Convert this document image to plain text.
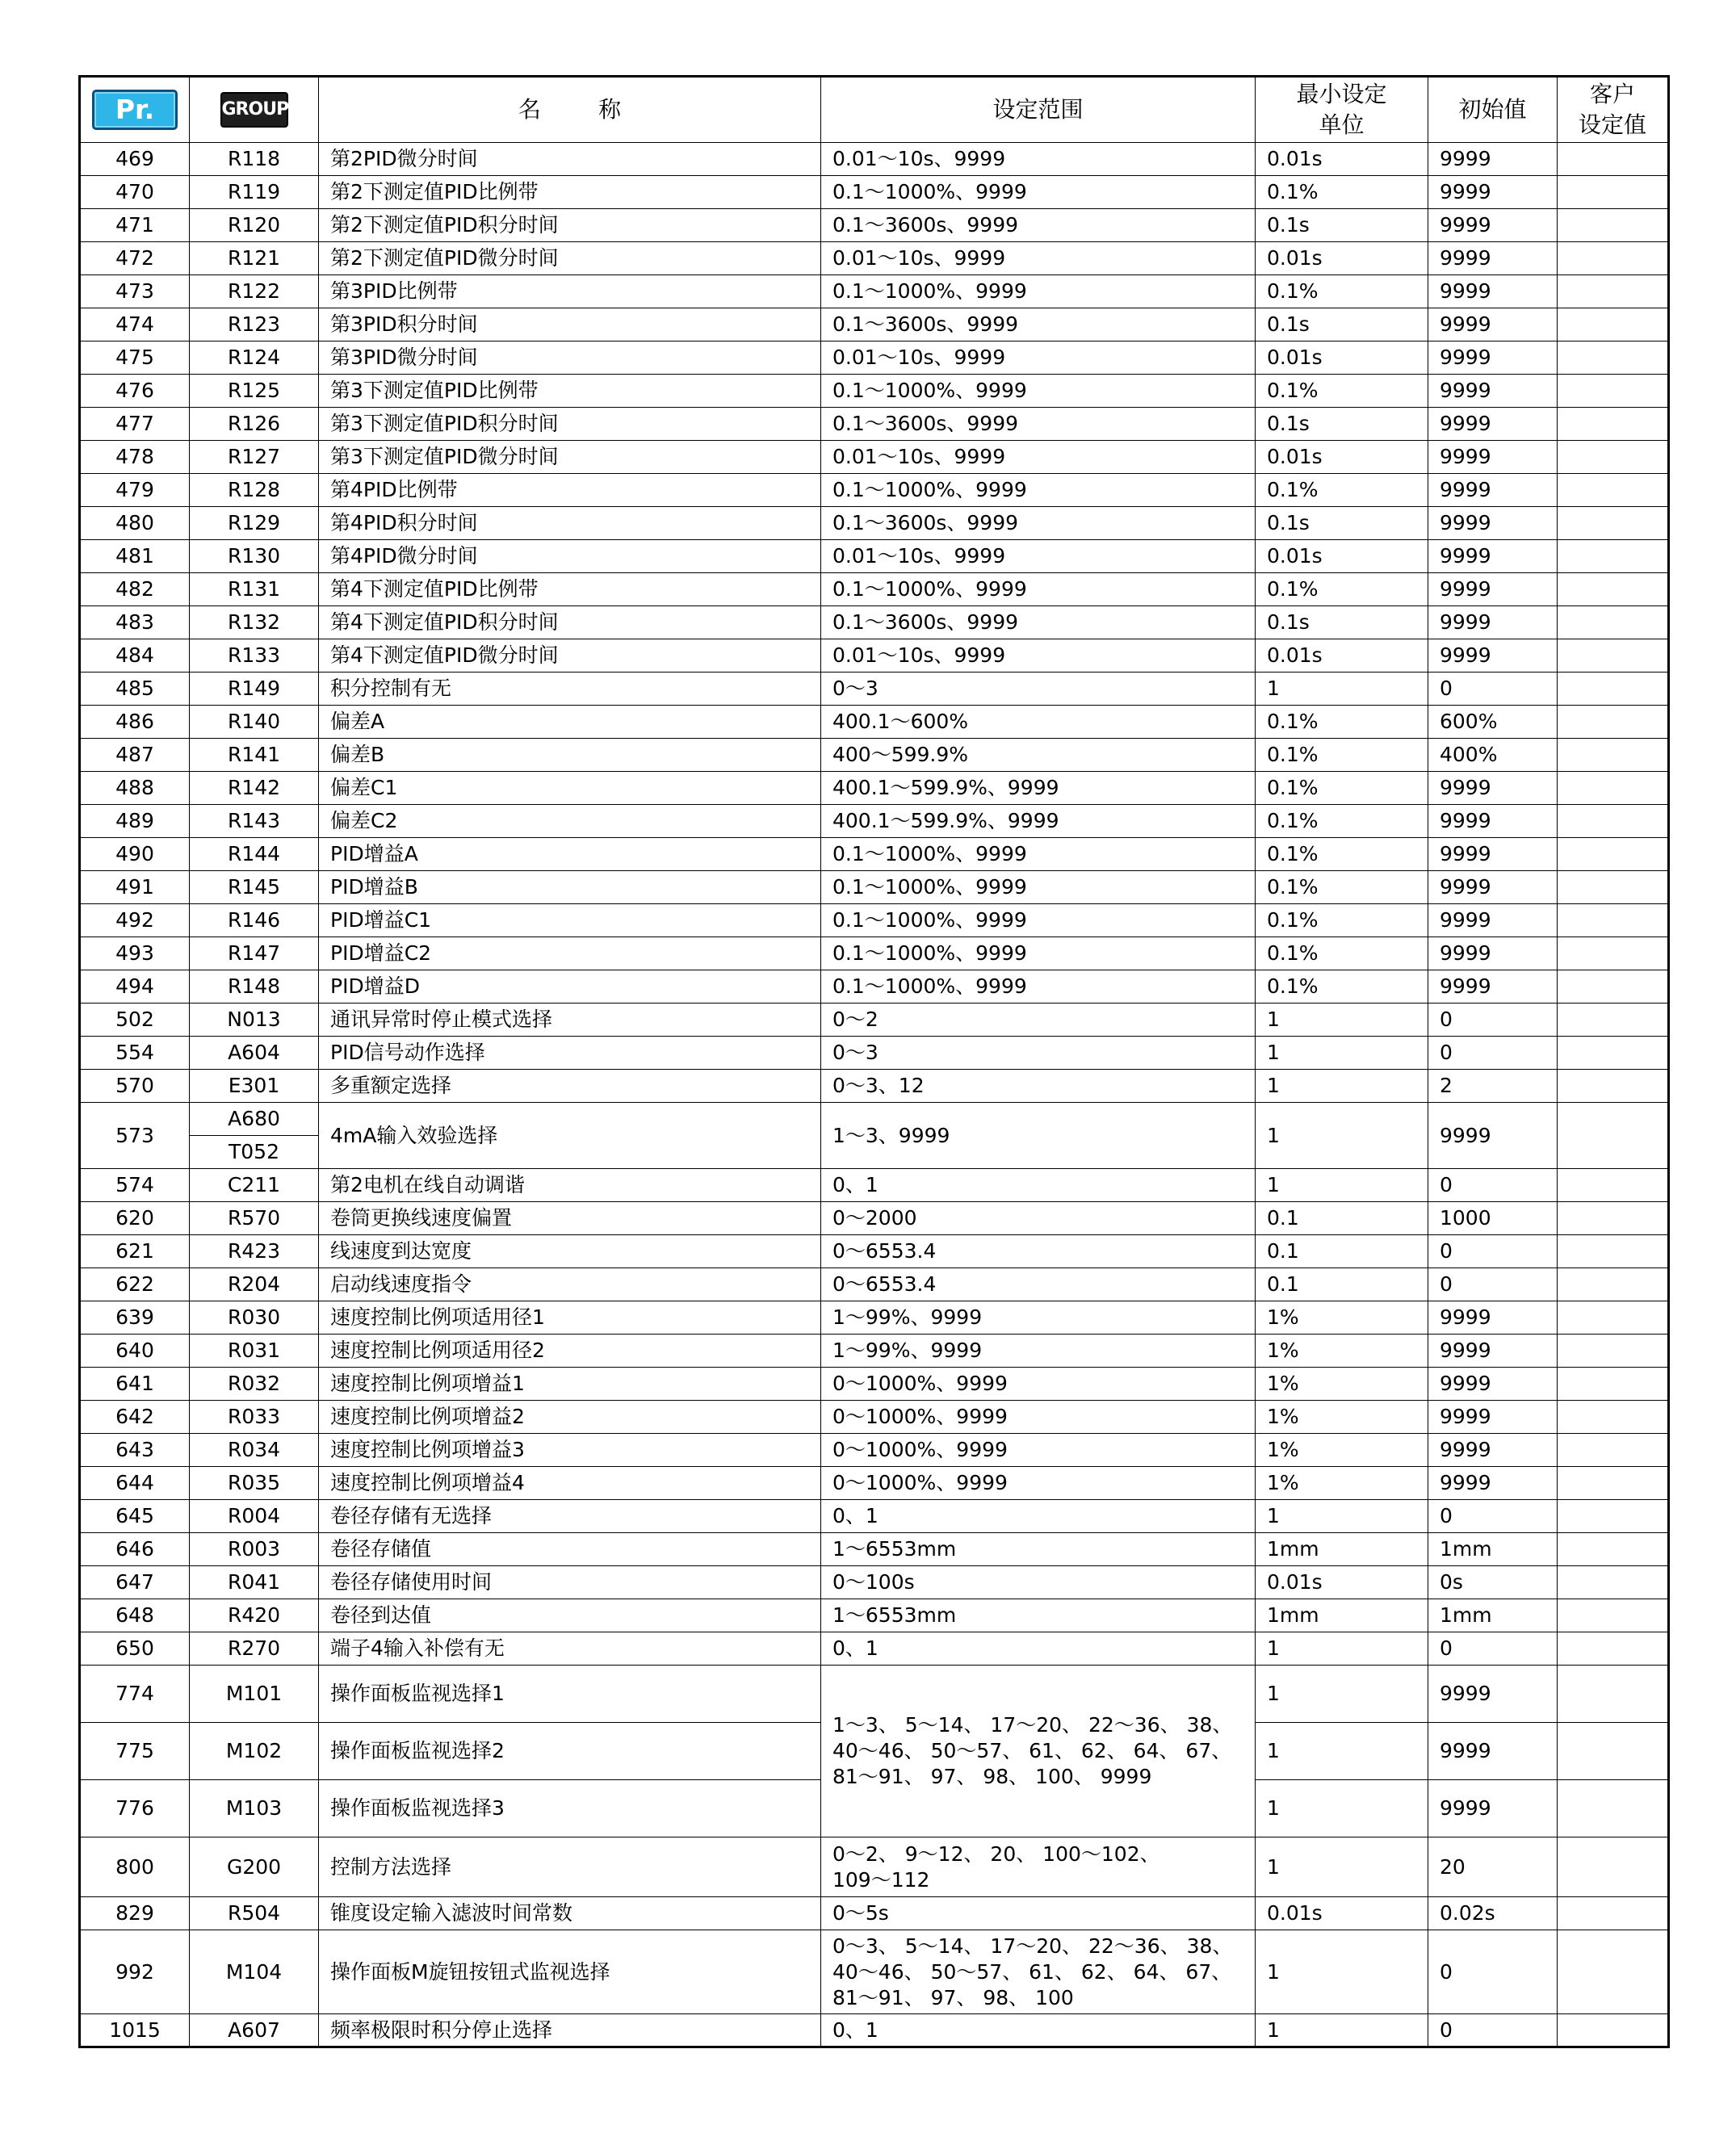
Pr.	GROUP	名        称	设定范围	最小设定
单位	初始值	客户
设定值
469	R118	第2PID微分时间	0.01～10s、9999	0.01s	9999	
470	R119	第2下测定值PID比例带	0.1～1000%、9999	0.1%	9999	
471	R120	第2下测定值PID积分时间	0.1～3600s、9999	0.1s	9999	
472	R121	第2下测定值PID微分时间	0.01～10s、9999	0.01s	9999	
473	R122	第3PID比例带	0.1～1000%、9999	0.1%	9999	
474	R123	第3PID积分时间	0.1～3600s、9999	0.1s	9999	
475	R124	第3PID微分时间	0.01～10s、9999	0.01s	9999	
476	R125	第3下测定值PID比例带	0.1～1000%、9999	0.1%	9999	
477	R126	第3下测定值PID积分时间	0.1～3600s、9999	0.1s	9999	
478	R127	第3下测定值PID微分时间	0.01～10s、9999	0.01s	9999	
479	R128	第4PID比例带	0.1～1000%、9999	0.1%	9999	
480	R129	第4PID积分时间	0.1～3600s、9999	0.1s	9999	
481	R130	第4PID微分时间	0.01～10s、9999	0.01s	9999	
482	R131	第4下测定值PID比例带	0.1～1000%、9999	0.1%	9999	
483	R132	第4下测定值PID积分时间	0.1～3600s、9999	0.1s	9999	
484	R133	第4下测定值PID微分时间	0.01～10s、9999	0.01s	9999	
485	R149	积分控制有无	0～3	1	0	
486	R140	偏差A	400.1～600%	0.1%	600%	
487	R141	偏差B	400～599.9%	0.1%	400%	
488	R142	偏差C1	400.1～599.9%、9999	0.1%	9999	
489	R143	偏差C2	400.1～599.9%、9999	0.1%	9999	
490	R144	PID增益A	0.1～1000%、9999	0.1%	9999	
491	R145	PID增益B	0.1～1000%、9999	0.1%	9999	
492	R146	PID增益C1	0.1～1000%、9999	0.1%	9999	
493	R147	PID增益C2	0.1～1000%、9999	0.1%	9999	
494	R148	PID增益D	0.1～1000%、9999	0.1%	9999	
502	N013	通讯异常时停止模式选择	0～2	1	0	
554	A604	PID信号动作选择	0～3	1	0	
570	E301	多重额定选择	0～3、12	1	2	
573	A680	4mA输入效验选择	1～3、9999	1	9999	
	T052					
574	C211	第2电机在线自动调谐	0、1	1	0	
620	R570	卷筒更换线速度偏置	0～2000	0.1	1000	
621	R423	线速度到达宽度	0～6553.4	0.1	0	
622	R204	启动线速度指令	0～6553.4	0.1	0	
639	R030	速度控制比例项适用径1	1～99%、9999	1%	9999	
640	R031	速度控制比例项适用径2	1～99%、9999	1%	9999	
641	R032	速度控制比例项增益1	0～1000%、9999	1%	9999	
642	R033	速度控制比例项增益2	0～1000%、9999	1%	9999	
643	R034	速度控制比例项增益3	0～1000%、9999	1%	9999	
644	R035	速度控制比例项增益4	0～1000%、9999	1%	9999	
645	R004	卷径存储有无选择	0、1	1	0	
646	R003	卷径存储值	1～6553mm	1mm	1mm	
647	R041	卷径存储使用时间	0～100s	0.01s	0s	
648	R420	卷径到达值	1～6553mm	1mm	1mm	
650	R270	端子4输入补偿有无	0、1	1	0	
774	M101	操作面板监视选择1	1～3、 5～14、 17～20、 22～36、 38、
40～46、 50～57、 61、 62、 64、 67、
81～91、 97、 98、 100、 9999	1	9999	
775	M102	操作面板监视选择2		1	9999	
776	M103	操作面板监视选择3		1	9999	
800	G200	控制方法选择	0～2、 9～12、 20、 100～102、
109～112	1	20	
829	R504	锥度设定输入滤波时间常数	0～5s	0.01s	0.02s	
992	M104	操作面板M旋钮按钮式监视选择	0～3、 5～14、 17～20、 22～36、 38、
40～46、 50～57、 61、 62、 64、 67、
81～91、 97、 98、 100	1	0	
1015	A607	频率极限时积分停止选择	0、1	1	0	
